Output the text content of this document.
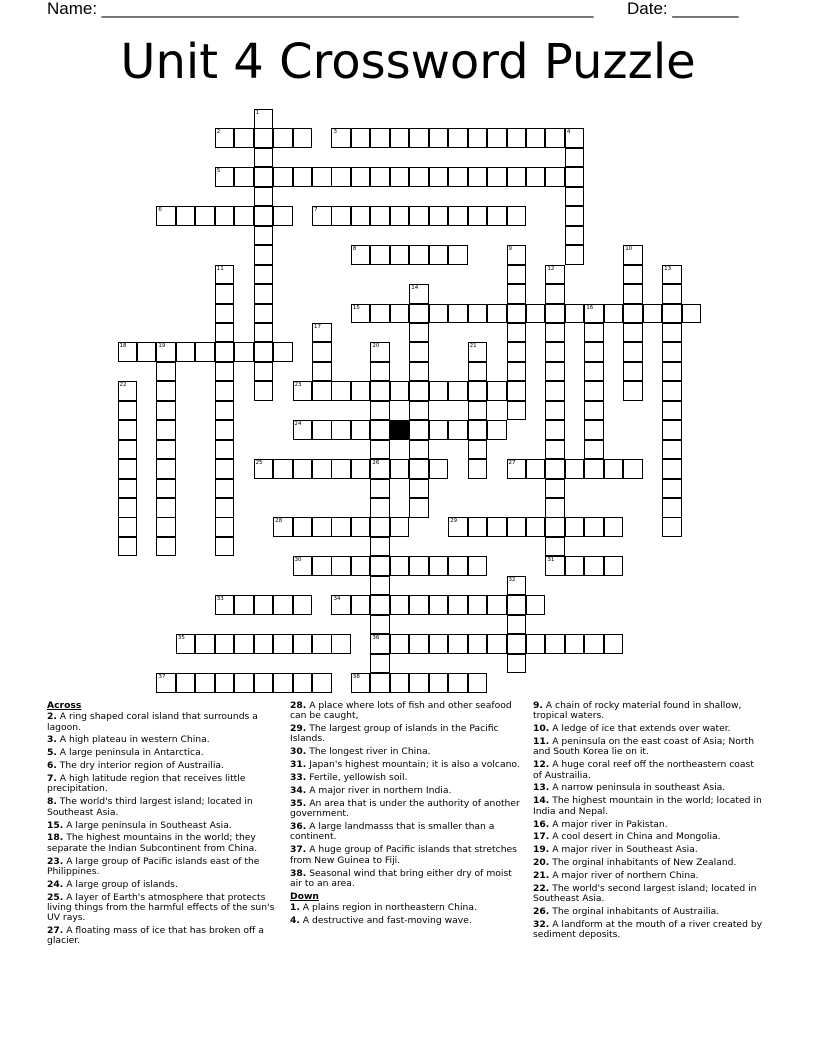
Name: ____________________________________________________ Date: _______
Unit 4 Crossword Puzzle
1
2	3	4
5
6	7
8	9	10
11	12
31
13
14
15	16
17
18	19	20
26
36
21
22	23
24
25	27
28	29
30
32
33	34
35
37	38
Across
2. A ring shaped coral island that surrounds a lagoon.
3. A high plateau in western China.
5. A large peninsula in Antarctica.
6. The dry interior region of Austrailia.
7. A high latitude region that receives little precipitation.
8. The world's third largest island; located in Southeast Asia.
15. A large peninsula in Southeast Asia.
18. The highest mountains in the world; they separate the Indian Subcontinent from China.
23. A large group of Pacific islands east of the Philippines.
24. A large group of islands.
25. A layer of Earth's atmosphere that protects living things from the harmful effects of the sun's UV rays.
27. A floating mass of ice that has broken off a glacier.
28. A place where lots of fish and other seafood can be caught,
29. The largest group of islands in the Pacific Islands.
30. The longest river in China.
31. Japan's highest mountain; it is also a volcano.
33. Fertile, yellowish soil.
34. A major river in northern India.
35. An area that is under the authority of another government.
36. A large landmasss that is smaller than a continent.
37. A huge group of Pacific islands that stretches from New Guinea to Fiji.
38. Seasonal wind that bring either dry of moist air to an area.
Down
1. A plains region in northeastern China.
4. A destructive and fast-moving wave.
9. A chain of rocky material found in shallow, tropical waters.
10. A ledge of ice that extends over water.
11. A peninsula on the east coast of Asia; North and South Korea lie on it.
12. A huge coral reef off the northeastern coast of Austrailia.
13. A narrow peninsula in southeast Asia.
14. The highest mountain in the world; located in India and Nepal.
16. A major river in Pakistan.
17. A cool desert in China and Mongolia.
19. A major river in Southeast Asia.
20. The orginal inhabitants of New Zealand.
21. A major river of northern China.
22. The world's second largest island; located in Southeast Asia.
26. The orginal inhabitants of Austrailia.
32. A landform at the mouth of a river created by sediment deposits.
